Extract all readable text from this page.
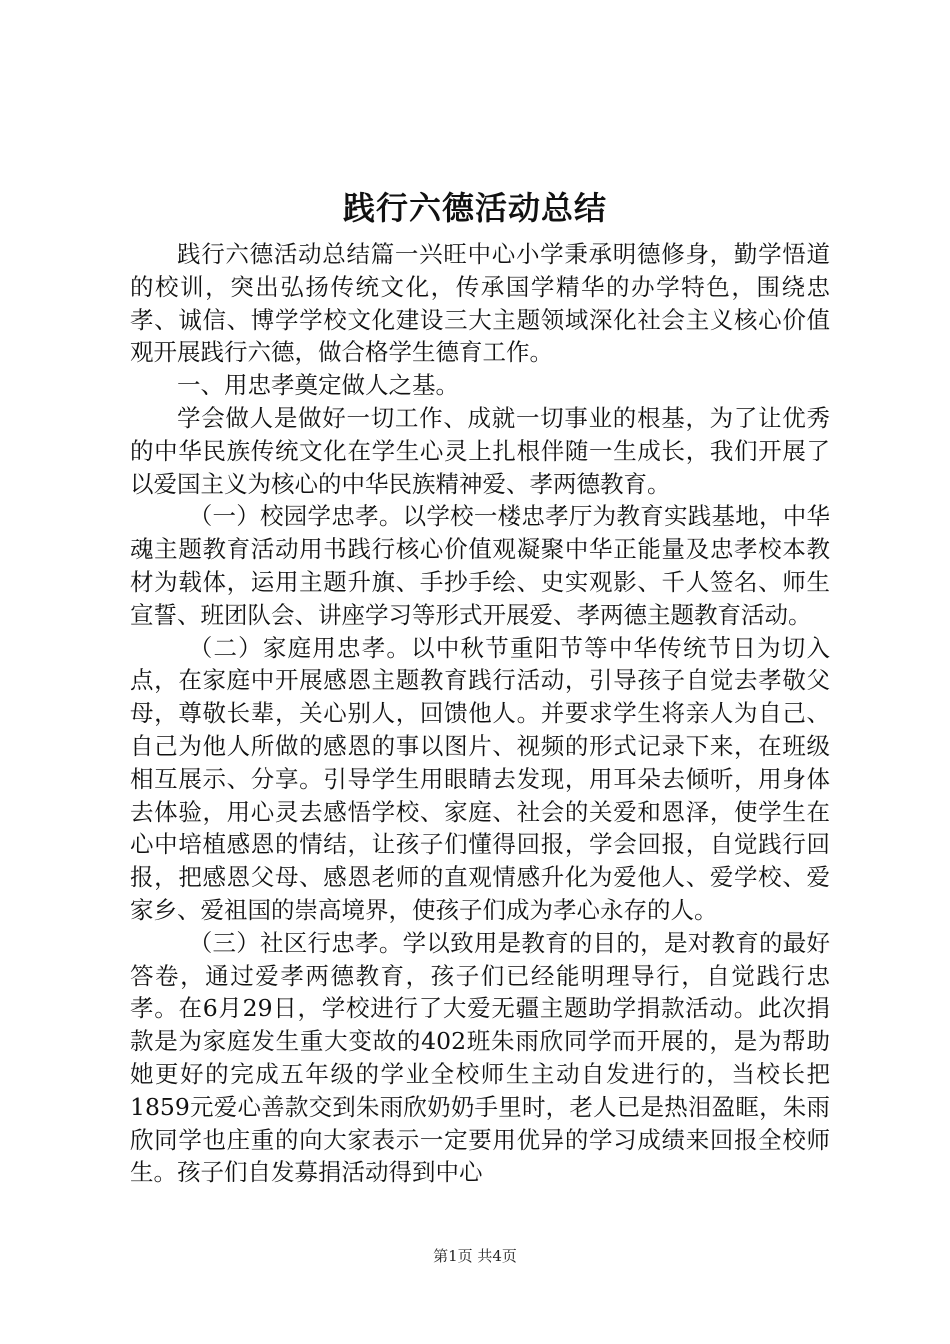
践行六德活动总结

践行六德活动总结篇一兴旺中心小学秉承明德修身，勤学悟道的校训，突出弘扬传统文化，传承国学精华的办学特色，围绕忠孝、诚信、博学学校文化建设三大主题领域深化社会主义核心价值观开展践行六德，做合格学生德育工作。

一、用忠孝奠定做人之基。

学会做人是做好一切工作、成就一切事业的根基，为了让优秀的中华民族传统文化在学生心灵上扎根伴随一生成长，我们开展了以爱国主义为核心的中华民族精神爱、孝两德教育。

（一）校园学忠孝。以学校一楼忠孝厅为教育实践基地，中华魂主题教育活动用书践行核心价值观凝聚中华正能量及忠孝校本教材为载体，运用主题升旗、手抄手绘、史实观影、千人签名、师生宣誓、班团队会、讲座学习等形式开展爱、孝两德主题教育活动。

（二）家庭用忠孝。以中秋节重阳节等中华传统节日为切入点，在家庭中开展感恩主题教育践行活动，引导孩子自觉去孝敬父母，尊敬长辈，关心别人，回馈他人。并要求学生将亲人为自己、自己为他人所做的感恩的事以图片、视频的形式记录下来，在班级相互展示、分享。引导学生用眼睛去发现，用耳朵去倾听，用身体去体验，用心灵去感悟学校、家庭、社会的关爱和恩泽，使学生在心中培植感恩的情结，让孩子们懂得回报，学会回报，自觉践行回报，把感恩父母、感恩老师的直观情感升化为爱他人、爱学校、爱家乡、爱祖国的崇高境界，使孩子们成为孝心永存的人。

（三）社区行忠孝。学以致用是教育的目的，是对教育的最好答卷，通过爱孝两德教育，孩子们已经能明理导行，自觉践行忠孝。在6月29日，学校进行了大爱无疆主题助学捐款活动。此次捐款是为家庭发生重大变故的402班朱雨欣同学而开展的，是为帮助她更好的完成五年级的学业全校师生主动自发进行的，当校长把1859元爱心善款交到朱雨欣奶奶手里时，老人已是热泪盈眶，朱雨欣同学也庄重的向大家表示一定要用优异的学习成绩来回报全校师生。孩子们自发募捐活动得到中心

第1页 共4页
